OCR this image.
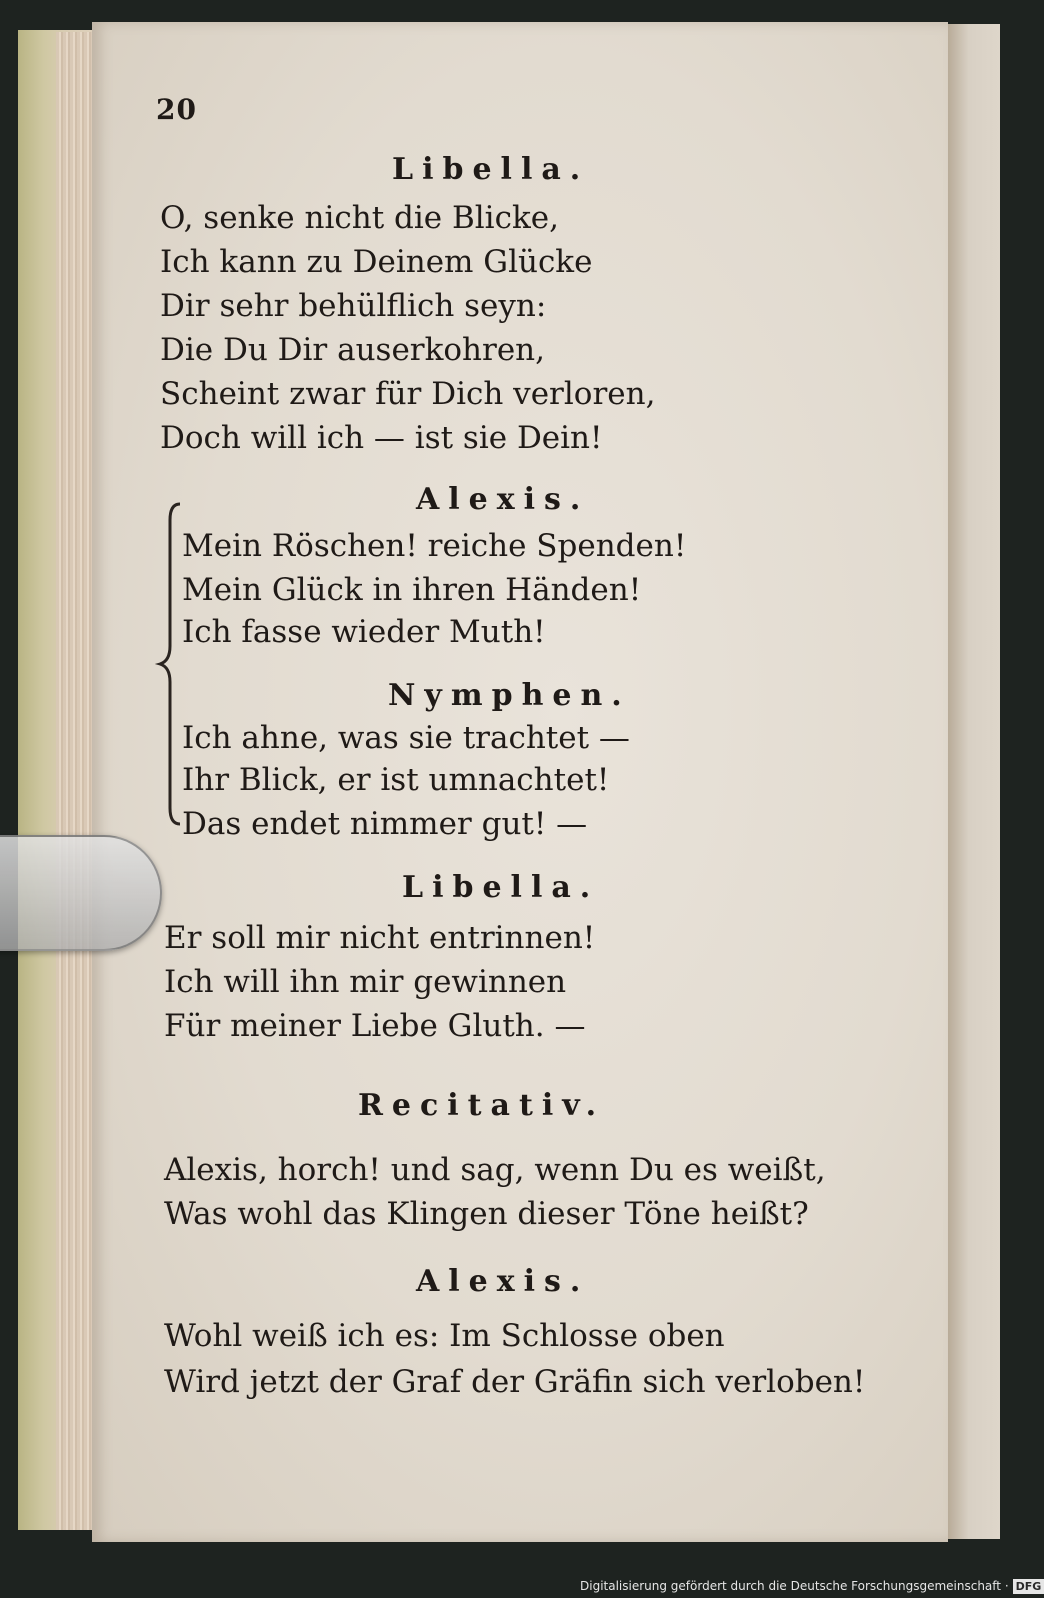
20
Libella.
O, senke nicht die Blicke,
Ich kann zu Deinem Glücke
Dir sehr behülflich seyn:
Die Du Dir auserkohren,
Scheint zwar für Dich verloren,
Doch will ich — ist sie Dein!
Alexis.
Mein Röschen! reiche Spenden!
Mein Glück in ihren Händen!
Ich fasse wieder Muth!
Nymphen.
Ich ahne, was sie trachtet —
Ihr Blick, er ist umnachtet!
Das endet nimmer gut! —
Libella.
Er soll mir nicht entrinnen!
Ich will ihn mir gewinnen
Für meiner Liebe Gluth. —
Recitativ.
Alexis, horch! und sag, wenn Du es weißt,
Was wohl das Klingen dieser Töne heißt?
Alexis.
Wohl weiß ich es: Im Schlosse oben
Wird jetzt der Graf der Gräfin sich verloben!
Digitalisierung gefördert durch die Deutsche Forschungsgemeinschaft · DFG
